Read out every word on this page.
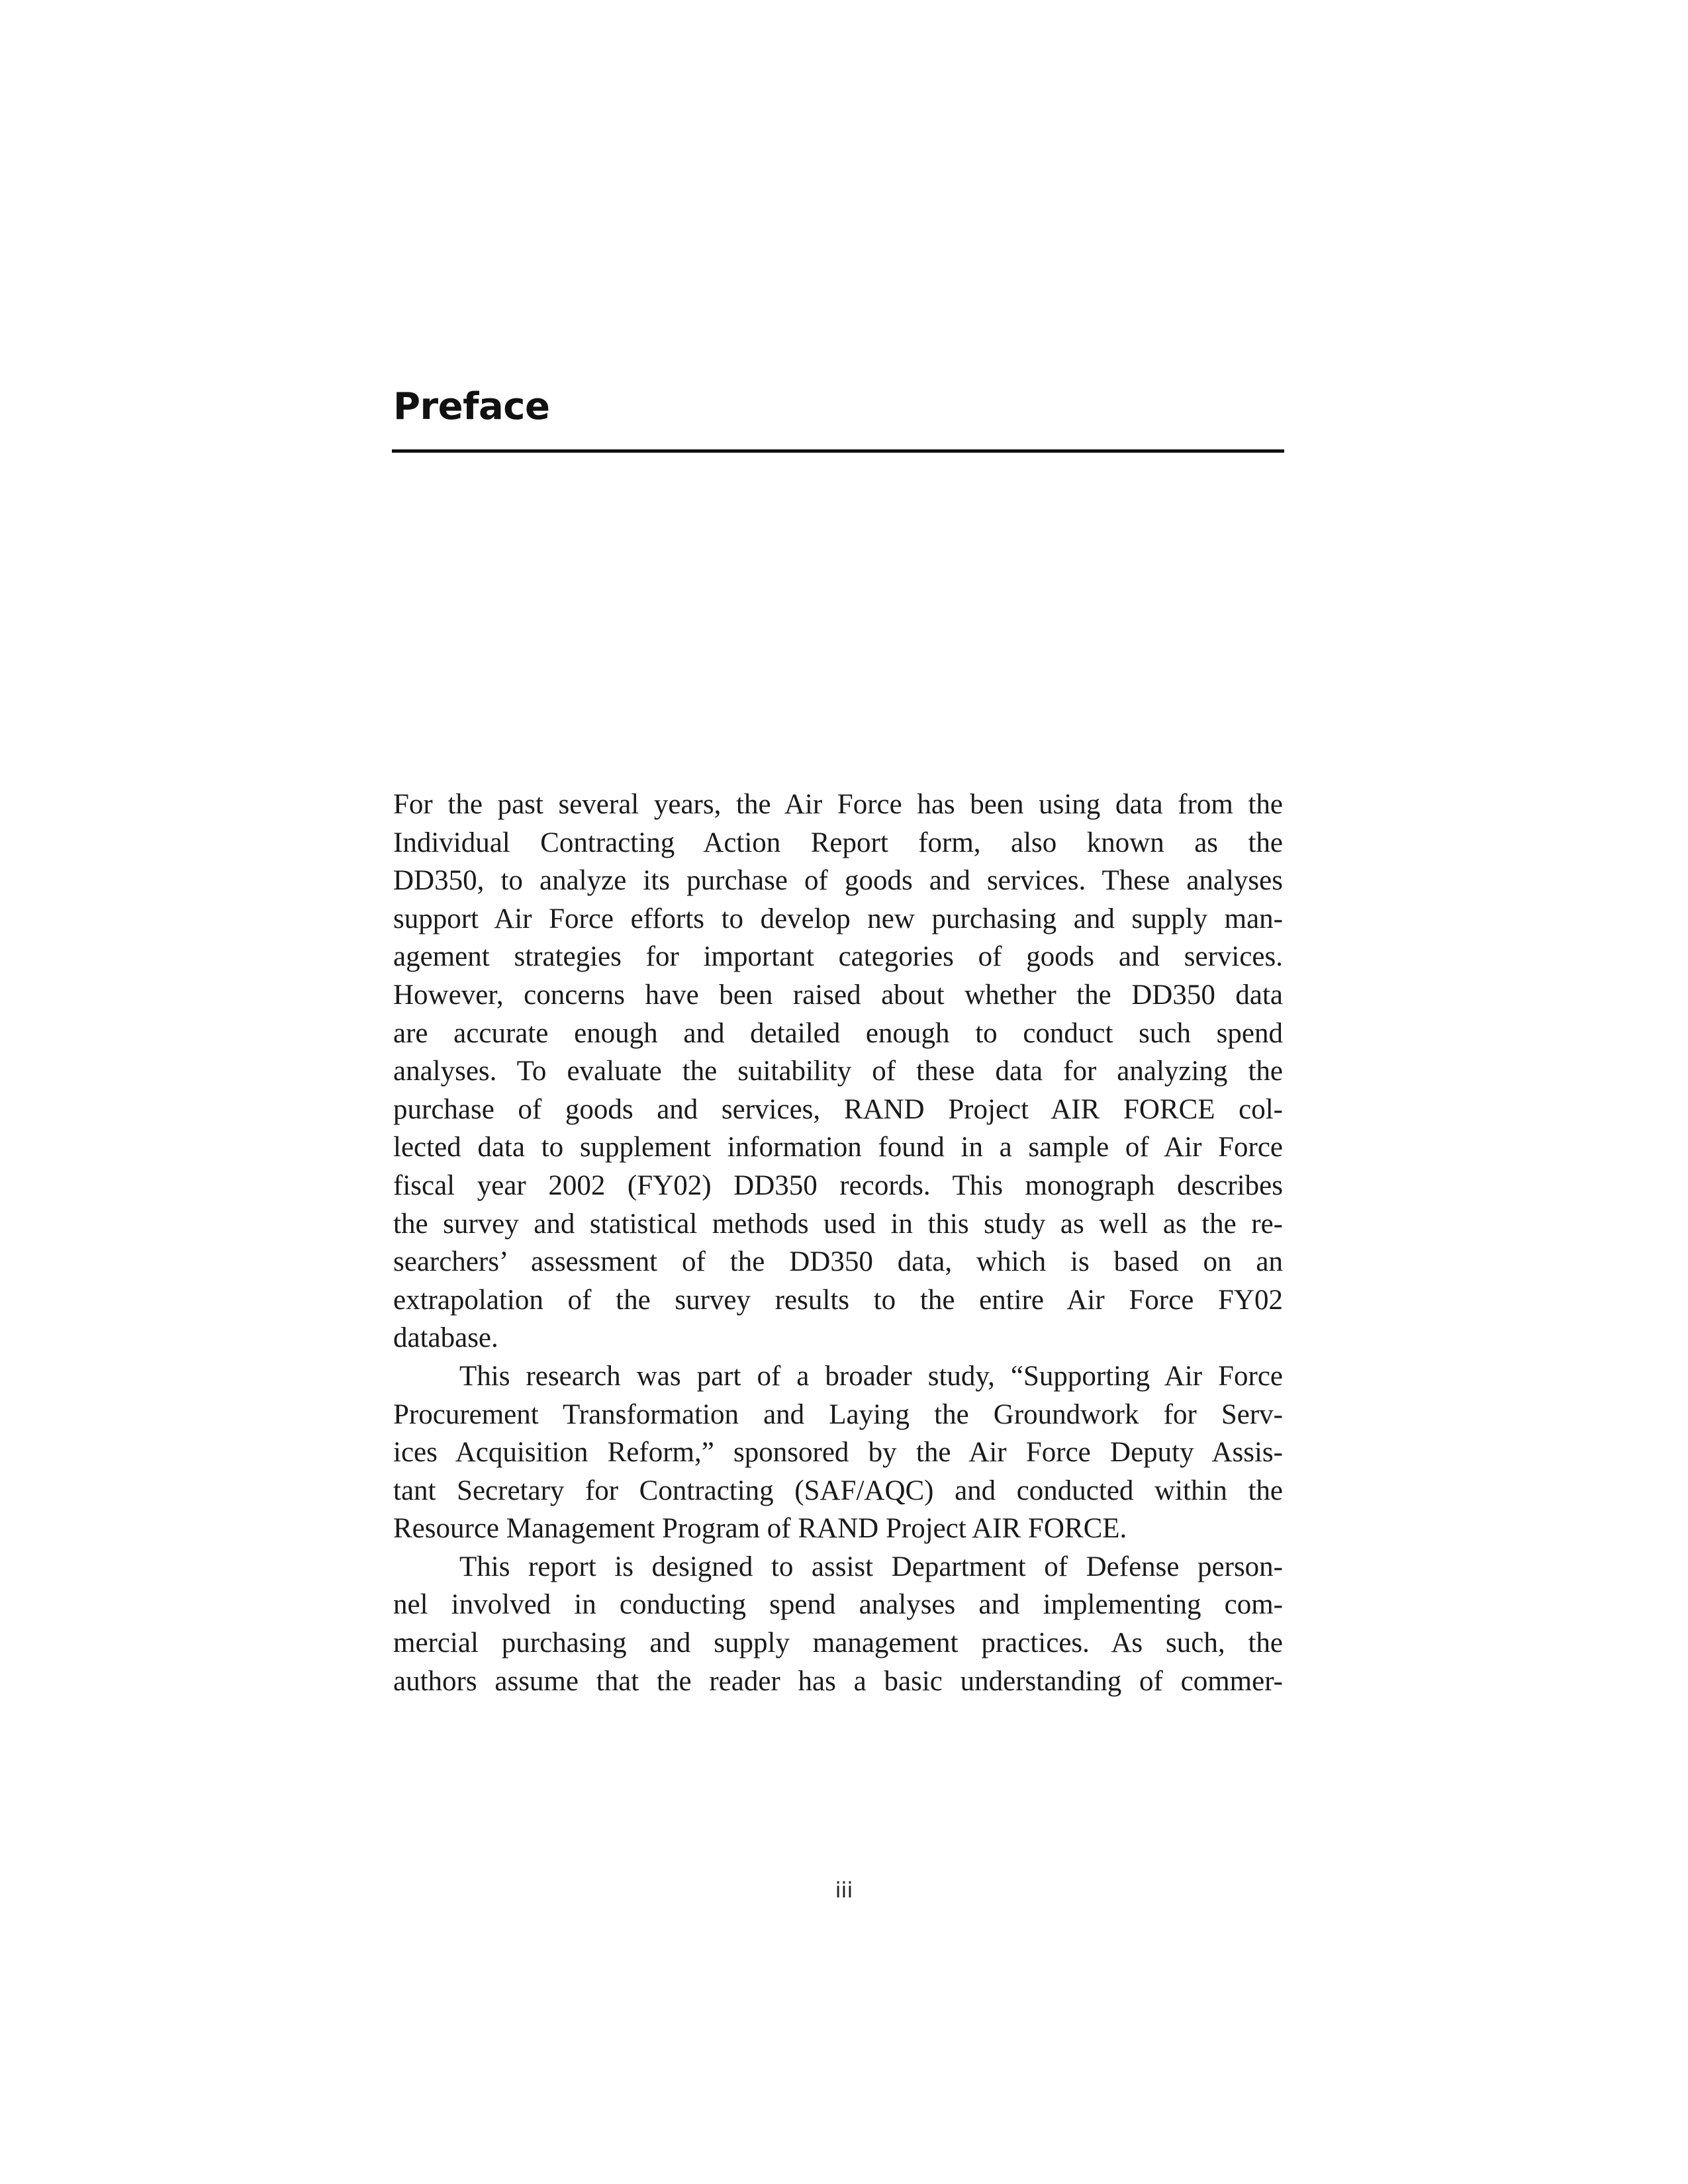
Preface
For the past several years, the Air Force has been using data from the
Individual Contracting Action Report form, also known as the
DD350, to analyze its purchase of goods and services. These analyses
support Air Force efforts to develop new purchasing and supply man-
agement strategies for important categories of goods and services.
However, concerns have been raised about whether the DD350 data
are accurate enough and detailed enough to conduct such spend
analyses. To evaluate the suitability of these data for analyzing the
purchase of goods and services, RAND Project AIR FORCE col-
lected data to supplement information found in a sample of Air Force
fiscal year 2002 (FY02) DD350 records. This monograph describes
the survey and statistical methods used in this study as well as the re-
searchers’ assessment of the DD350 data, which is based on an
extrapolation of the survey results to the entire Air Force FY02
database.
This research was part of a broader study, “Supporting Air Force
Procurement Transformation and Laying the Groundwork for Serv-
ices Acquisition Reform,” sponsored by the Air Force Deputy Assis-
tant Secretary for Contracting (SAF/AQC) and conducted within the
Resource Management Program of RAND Project AIR FORCE.
This report is designed to assist Department of Defense person-
nel involved in conducting spend analyses and implementing com-
mercial purchasing and supply management practices. As such, the
authors assume that the reader has a basic understanding of commer-
iii
